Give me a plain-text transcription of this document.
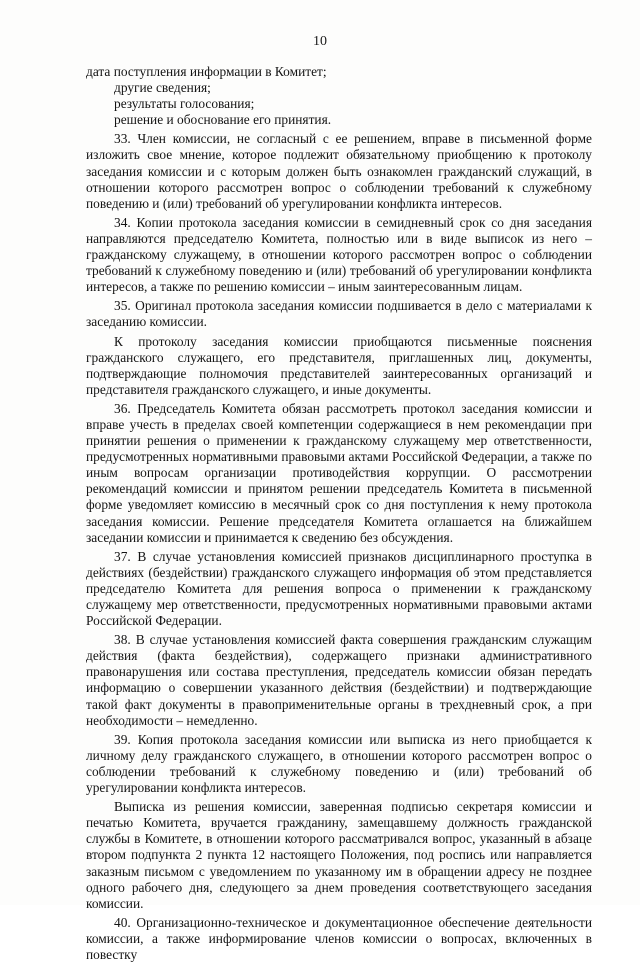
10

дата поступления информации в Комитет;

другие сведения;

результаты голосования;

решение и обоснование его принятия.

33. Член комиссии, не согласный с ее решением, вправе в письменной форме изложить свое мнение, которое подлежит обязательному приобщению к протоколу заседания комиссии и с которым должен быть ознакомлен гражданский служащий, в отношении которого рассмотрен вопрос о соблюдении требований к служебному поведению и (или) требований об урегулировании конфликта интересов.

34. Копии протокола заседания комиссии в семидневный срок со дня заседания направляются председателю Комитета, полностью или в виде выписок из него – гражданскому служащему, в отношении которого рассмотрен вопрос о соблюдении требований к служебному поведению и (или) требований об урегулировании конфликта интересов, а также по решению комиссии – иным заинтересованным лицам.

35. Оригинал протокола заседания комиссии подшивается в дело с материалами к заседанию комиссии.

К протоколу заседания комиссии приобщаются письменные пояснения гражданского служащего, его представителя, приглашенных лиц, документы, подтверждающие полномочия представителей заинтересованных организаций и представителя гражданского служащего, и иные документы.

36. Председатель Комитета обязан рассмотреть протокол заседания комиссии и вправе учесть в пределах своей компетенции содержащиеся в нем рекомендации при принятии решения о применении к гражданскому служащему мер ответственности, предусмотренных нормативными правовыми актами Российской Федерации, а также по иным вопросам организации противодействия коррупции. О рассмотрении рекомендаций комиссии и принятом решении председатель Комитета в письменной форме уведомляет комиссию в месячный срок со дня поступления к нему протокола заседания комиссии. Решение председателя Комитета оглашается на ближайшем заседании комиссии и принимается к сведению без обсуждения.

37. В случае установления комиссией признаков дисциплинарного проступка в действиях (бездействии) гражданского служащего информация об этом представляется председателю Комитета для решения вопроса о применении к гражданскому служащему мер ответственности, предусмотренных нормативными правовыми актами Российской Федерации.

38. В случае установления комиссией факта совершения гражданским служащим действия (факта бездействия), содержащего признаки административного правонарушения или состава преступления, председатель комиссии обязан передать информацию о совершении указанного действия (бездействии) и подтверждающие такой факт документы в правоприменительные органы в трехдневный срок, а при необходимости – немедленно.

39. Копия протокола заседания комиссии или выписка из него приобщается к личному делу гражданского служащего, в отношении которого рассмотрен вопрос о соблюдении требований к служебному поведению и (или) требований об урегулировании конфликта интересов.

Выписка из решения комиссии, заверенная подписью секретаря комиссии и печатью Комитета, вручается гражданину, замещавшему должность гражданской службы в Комитете, в отношении которого рассматривался вопрос, указанный в абзаце втором подпункта 2 пункта 12 настоящего Положения, под роспись или направляется заказным письмом с уведомлением по указанному им в обращении адресу не позднее одного рабочего дня, следующего за днем проведения соответствующего заседания комиссии.

40. Организационно-техническое и документационное обеспечение деятельности комиссии, а также информирование членов комиссии о вопросах, включенных в повестку
